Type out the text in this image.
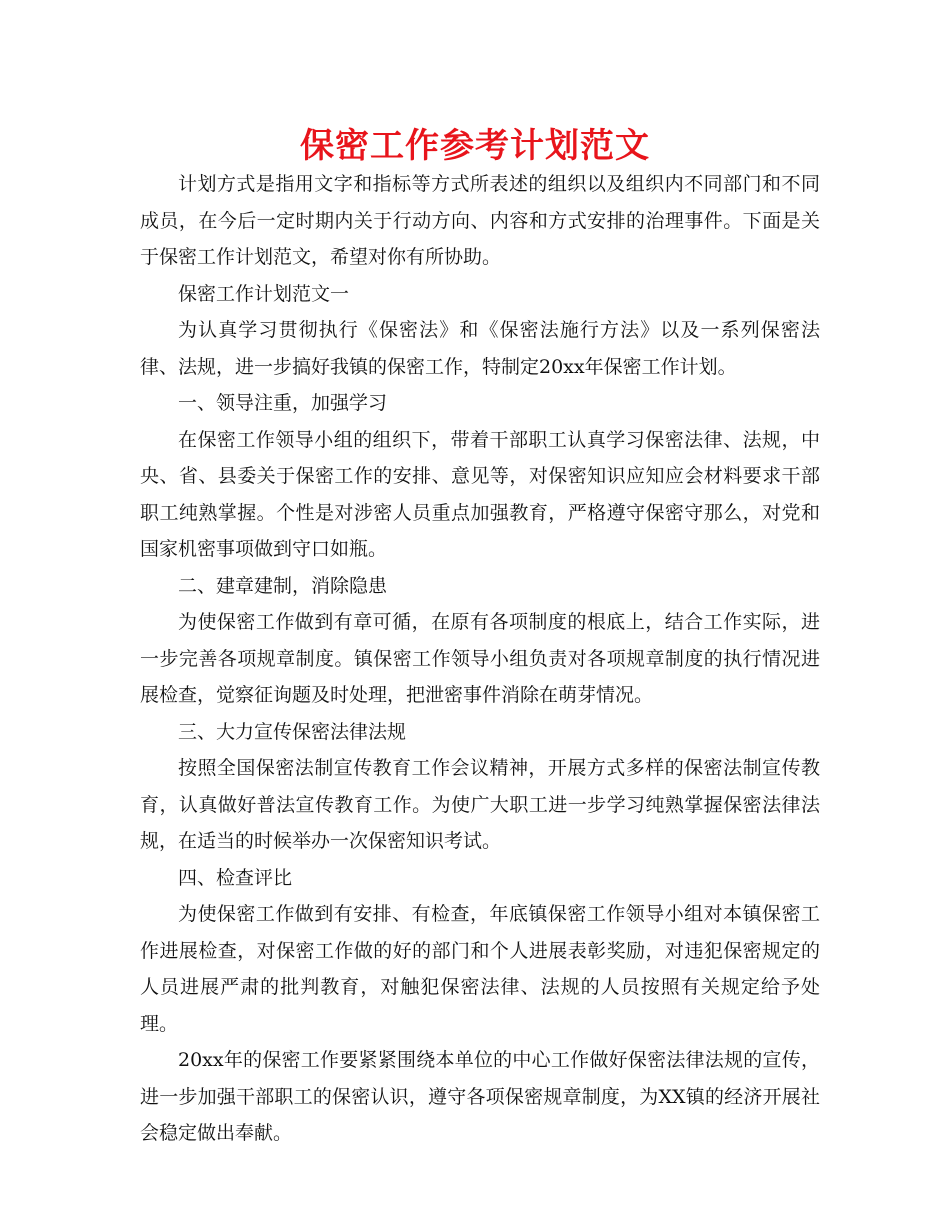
保密工作参考计划范文

计划方式是指用文字和指标等方式所表述的组织以及组织内不同部门和不同成员，在今后一定时期内关于行动方向、内容和方式安排的治理事件。下面是关于保密工作计划范文，希望对你有所协助。

保密工作计划范文一

为认真学习贯彻执行《保密法》和《保密法施行方法》以及一系列保密法律、法规，进一步搞好我镇的保密工作，特制定20xx年保密工作计划。

一、领导注重，加强学习

在保密工作领导小组的组织下，带着干部职工认真学习保密法律、法规，中央、省、县委关于保密工作的安排、意见等，对保密知识应知应会材料要求干部职工纯熟掌握。个性是对涉密人员重点加强教育，严格遵守保密守那么，对党和国家机密事项做到守口如瓶。

二、建章建制，消除隐患

为使保密工作做到有章可循，在原有各项制度的根底上，结合工作实际，进一步完善各项规章制度。镇保密工作领导小组负责对各项规章制度的执行情况进展检查，觉察征询题及时处理，把泄密事件消除在萌芽情况。

三、大力宣传保密法律法规

按照全国保密法制宣传教育工作会议精神，开展方式多样的保密法制宣传教育，认真做好普法宣传教育工作。为使广大职工进一步学习纯熟掌握保密法律法规，在适当的时候举办一次保密知识考试。

四、检查评比

为使保密工作做到有安排、有检查，年底镇保密工作领导小组对本镇保密工作进展检查，对保密工作做的好的部门和个人进展表彰奖励，对违犯保密规定的人员进展严肃的批判教育，对触犯保密法律、法规的人员按照有关规定给予处理。

20xx年的保密工作要紧紧围绕本单位的中心工作做好保密法律法规的宣传，进一步加强干部职工的保密认识，遵守各项保密规章制度，为XX镇的经济开展社会稳定做出奉献。
